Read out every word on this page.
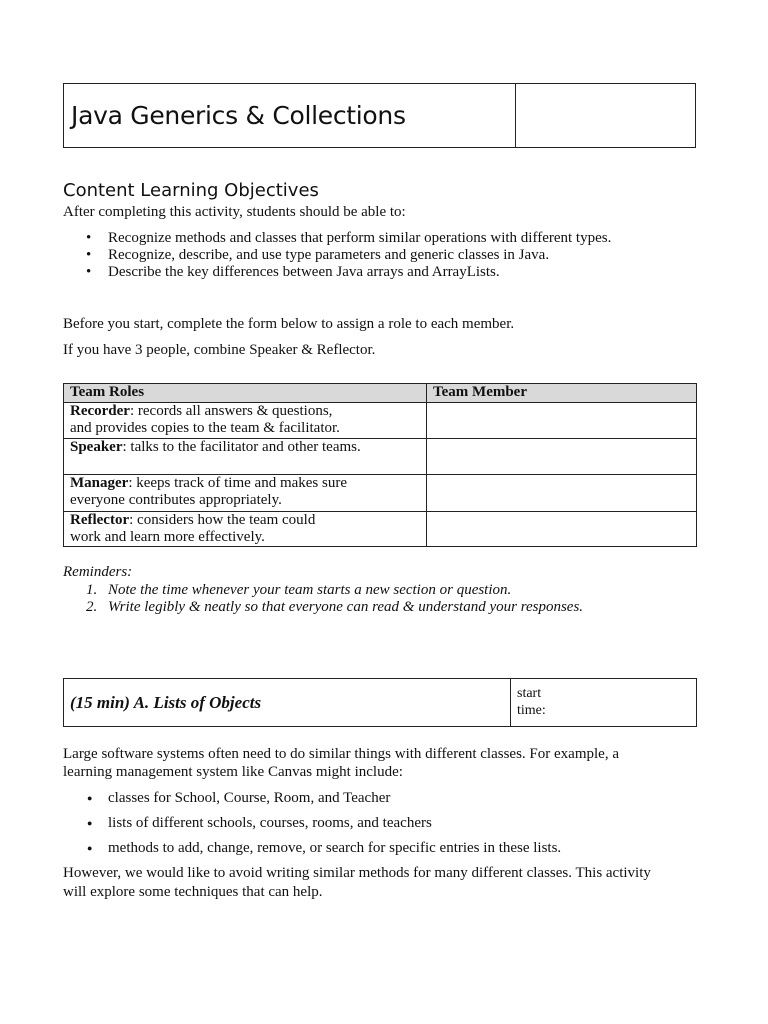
Java Generics & Collections
Content Learning Objectives
After completing this activity, students should be able to:
• Recognize methods and classes that perform similar operations with different types.
• Recognize, describe, and use type parameters and generic classes in Java.
• Describe the key differences between Java arrays and ArrayLists.
Before you start, complete the form below to assign a role to each member.
If you have 3 people, combine Speaker & Reflector.
Team Roles	Team Member
Recorder: records all answers & questions,
and provides copies to the team & facilitator.	
Speaker: talks to the facilitator and other teams.	
Manager: keeps track of time and makes sure
everyone contributes appropriately.	
Reflector: considers how the team could
work and learn more effectively.	
Reminders:
1. Note the time whenever your team starts a new section or question.
2. Write legibly & neatly so that everyone can read & understand your responses.
(15 min) A. Lists of Objects	start
time:
Large software systems often need to do similar things with different classes. For example, a
learning management system like Canvas might include:
● classes for School, Course, Room, and Teacher
● lists of different schools, courses, rooms, and teachers
● methods to add, change, remove, or search for specific entries in these lists.
However, we would like to avoid writing similar methods for many different classes. This activity
will explore some techniques that can help.
